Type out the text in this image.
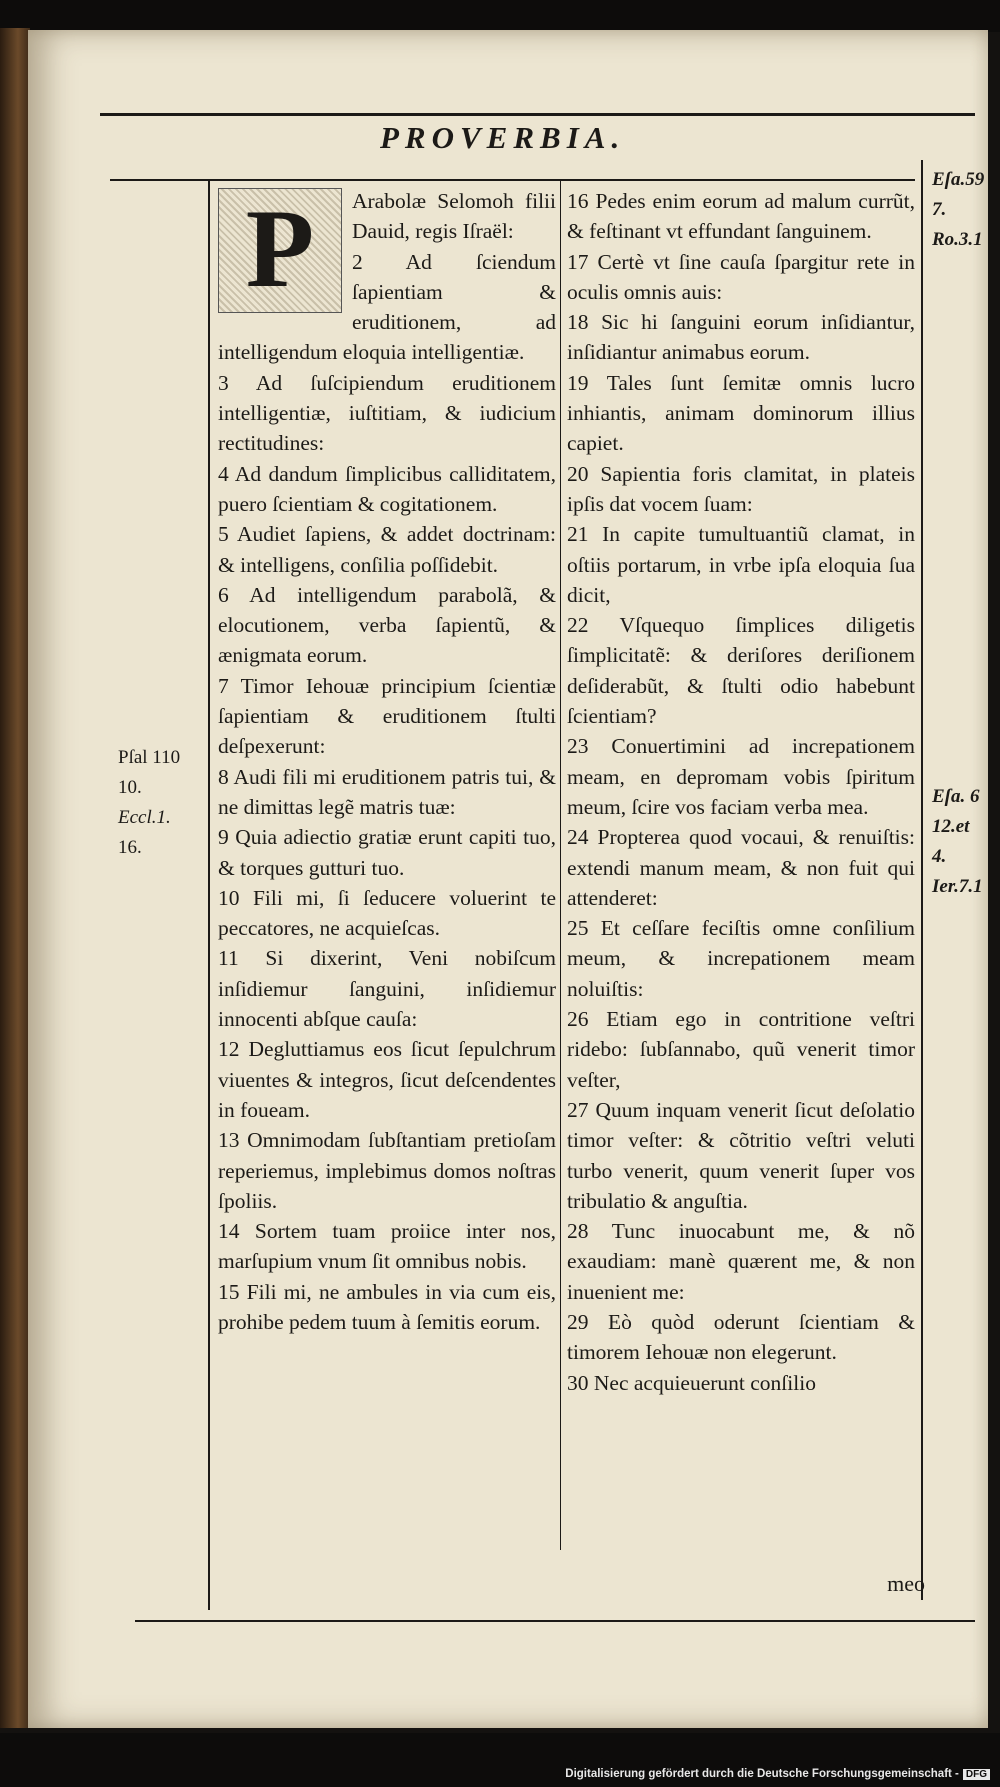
PROVERBIA.
Pſal 110
10.
Eccl.1.
16.
Eſa.59
7.
Ro.3.1
Eſa. 6
12.et
4.
Ier.7.1
P	Arabolæ Selomoh filii Dauid, regis Iſraël:

2 Ad ſciendum ſapientiam & eruditionem, ad intelligendum eloquia intelligentiæ.

3 Ad ſuſcipiendum eruditionem intelligentiæ, iuſtitiam, & iudicium rectitudines:

4 Ad dandum ſimplicibus calliditatem, puero ſcientiam & cogitationem.

5 Audiet ſapiens, & addet doctrinam: & intelligens, conſilia poſſidebit.

6 Ad intelligendum parabolã, & elocutionem, verba ſapientũ, & ænigmata eorum.

7 Timor Iehouæ principium ſcientiæ ſapientiam & eruditionem ſtulti deſpexerunt:

8 Audi fili mi eruditionem patris tui, & ne dimittas legẽ matris tuæ:

9 Quia adiectio gratiæ erunt capiti tuo, & torques gutturi tuo.

10 Fili mi, ſi ſeducere voluerint te peccatores, ne acquieſcas.

11 Si dixerint, Veni nobiſcum inſidiemur ſanguini, inſidiemur innocenti abſque cauſa:

12 Degluttiamus eos ſicut ſepulchrum viuentes & integros, ſicut deſcendentes in foueam.

13 Omnimodam ſubſtantiam pretioſam reperiemus, implebimus domos noſtras ſpoliis.

14 Sortem tuam proiice inter nos, marſupium vnum ſit omnibus nobis.

15 Fili mi, ne ambules in via cum eis, prohibe pedem tuum à ſemitis eorum.

16 Pedes enim eorum ad malum currũt, & feſtinant vt effundant ſanguinem.

17 Certè vt ſine cauſa ſpargitur rete in oculis omnis auis:

18 Sic hi ſanguini eorum inſidiantur, inſidiantur animabus eorum.

19 Tales ſunt ſemitæ omnis lucro inhiantis, animam dominorum illius capiet.

20 Sapientia foris clamitat, in plateis ipſis dat vocem ſuam:

21 In capite tumultuantiũ clamat, in oſtiis portarum, in vrbe ipſa eloquia ſua dicit,

22 Vſquequo ſimplices diligetis ſimplicitatẽ: & deriſores deriſionem deſiderabũt, & ſtulti odio habebunt ſcientiam?

23 Conuertimini ad increpationem meam, en depromam vobis ſpiritum meum, ſcire vos faciam verba mea.

24 Propterea quod vocaui, & renuiſtis: extendi manum meam, & non fuit qui attenderet:

25 Et ceſſare feciſtis omne conſilium meum, & increpationem meam noluiſtis:

26 Etiam ego in contritione veſtri ridebo: ſubſannabo, quũ venerit timor veſter,

27 Quum inquam venerit ſicut deſolatio timor veſter: & cõtritio veſtri veluti turbo venerit, quum venerit ſuper vos tribulatio & anguſtia.

28 Tunc inuocabunt me, & nõ exaudiam: manè quærent me, & non inuenient me:

29 Eò quòd oderunt ſcientiam & timorem Iehouæ non elegerunt.

30 Nec acquieuerunt conſilio

meo
Digitalisierung gefördert durch die Deutsche Forschungsgemeinschaft - DFG
